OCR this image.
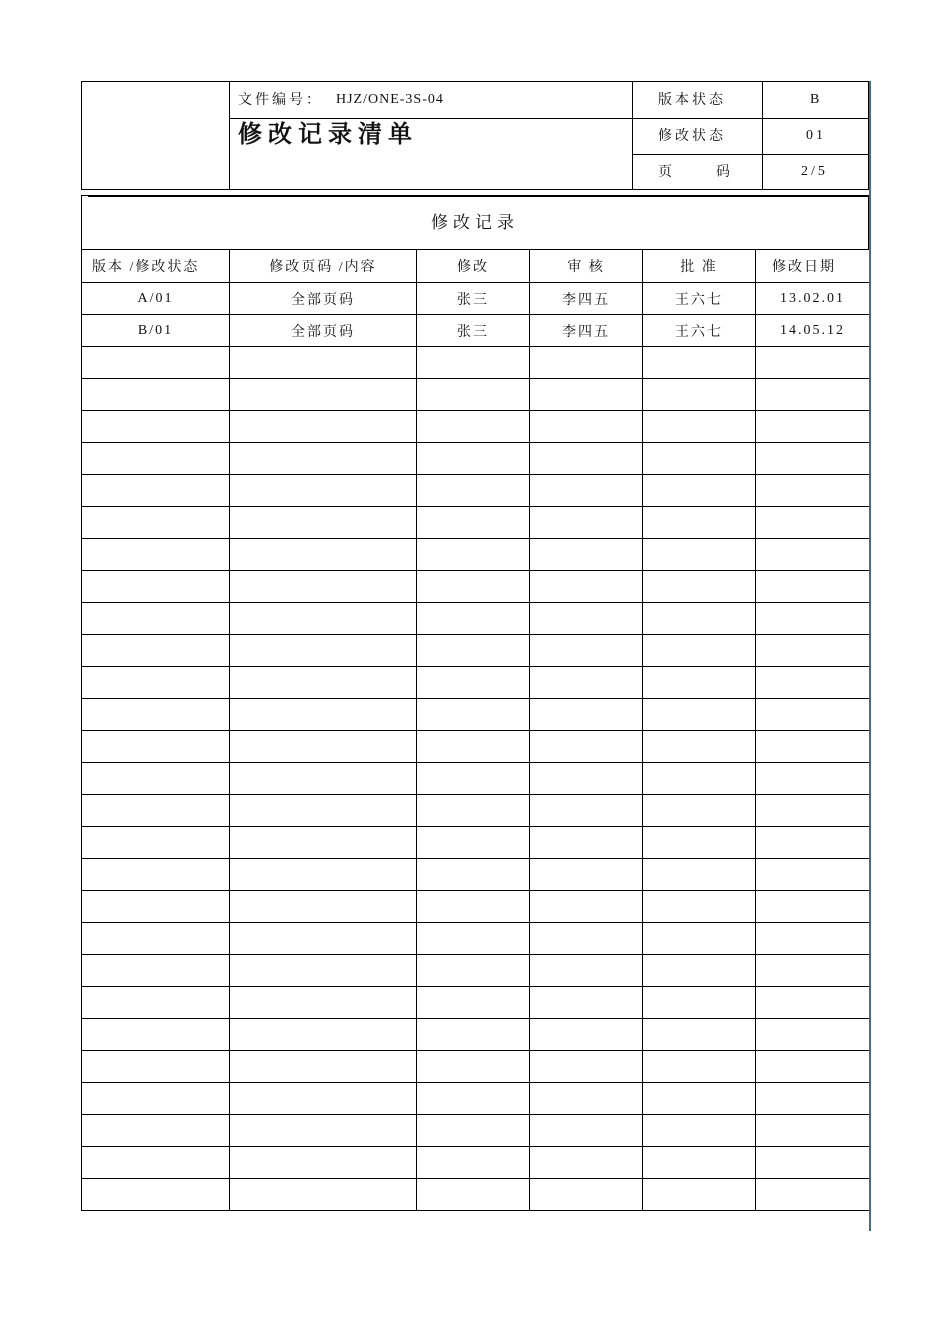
文件编号： HJZ/ONE-3S-04
修改记录清单
版本状态	B
修改状态	01
页	码	2/5
修改记录
版本 /修改状态	修改页码 /内容	修改	审 核	批 准	修改日期
A/01	全部页码	张三	李四五	王六七	13.02.01
B/01	全部页码	张三	李四五	王六七	14.05.12
